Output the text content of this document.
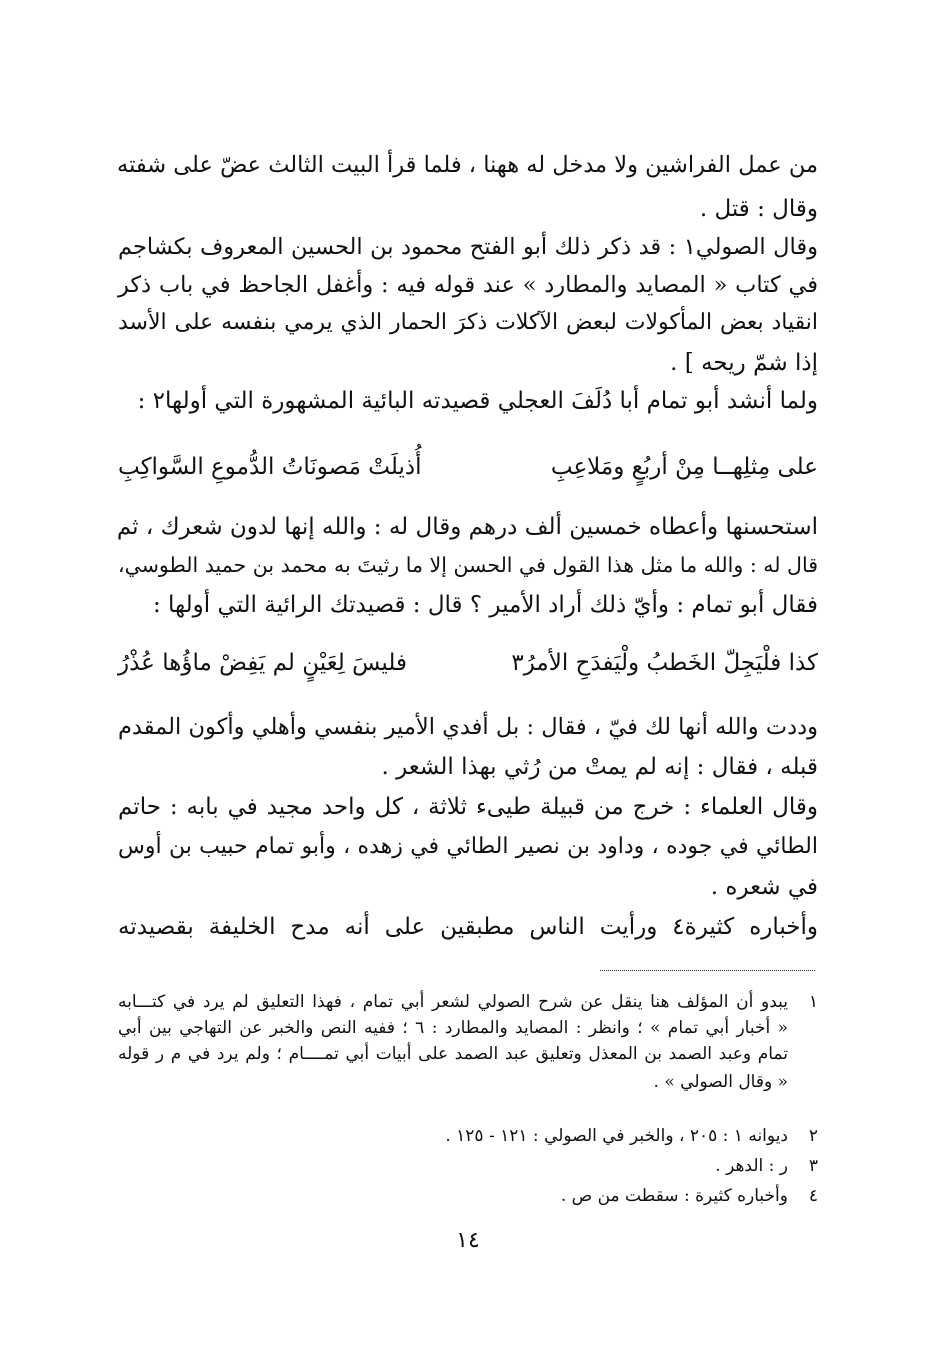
من عمل الفراشين ولا مدخل له ههنا ، فلما قرأ البيت الثالث عضّ على شفته
وقال : قتل .
وقال الصولي١ : قد ذكر ذلك أبو الفتح محمود بن الحسين المعروف بكشاجم
في كتاب « المصايد والمطارد » عند قوله فيه : وأغفل الجاحظ في باب ذكر
انقياد بعض المأكولات لبعض الآكلات ذكرَ الحمار الذي يرمي بنفسه على الأسد
إذا شمّ ريحه ] .
ولما أنشد أبو تمام أبا دُلَفَ العجلي قصيدته البائية المشهورة التي أولها٢ :
على مِثلِهــا مِنْ أربُعٍ ومَلاعِبِ
أُذيلَتْ مَصونَاتُ الدُّموعِ السَّواكِبِ
استحسنها وأعطاه خمسين ألف درهم وقال له : والله إنها لدون شعرك ، ثم
قال له : والله ما مثل هذا القول في الحسن إلا ما رثيتَ به محمد بن حميد الطوسي،
فقال أبو تمام : وأيّ ذلك أراد الأمير ؟ قال : قصيدتك الرائية التي أولها :
كذا فلْيَجِلّ الخَطبُ ولْيَفدَحِ الأمرُ٣
فليسَ لِعَيْنٍ لم يَفِضْ ماؤُها عُذْرُ
وددت والله أنها لك فيّ ، فقال : بل أفدي الأمير بنفسي وأهلي وأكون المقدم
قبله ، فقال : إنه لم يمتْ من رُثي بهذا الشعر .
وقال العلماء : خرج من قبيلة طيىء ثلاثة ، كل واحد مجيد في بابه : حاتم
الطائي في جوده ، وداود بن نصير الطائي في زهده ، وأبو تمام حبيب بن أوس
في شعره .
وأخباره كثيرة٤ ورأيت الناس مطبقين على أنه مدح الخليفة بقصيدته
١
يبدو أن المؤلف هنا ينقل عن شرح الصولي لشعر أبي تمام ، فهذا التعليق لم يرد في كتـــابه
« أخبار أبي تمام » ؛ وانظر : المصايد والمطارد : ٦ ؛ ففيه النص والخبر عن التهاجي بين أبي
تمام وعبد الصمد بن المعذل وتعليق عبد الصمد على أبيات أبي تمــــام ؛ ولم يرد في م ر قوله
« وقال الصولي » .
٢
ديوانه ١ : ٢٠٥ ، والخبر في الصولي : ١٢١ - ١٢٥ .
٣
ر : الدهر .
٤
وأخباره كثيرة : سقطت من ص .
١٤
